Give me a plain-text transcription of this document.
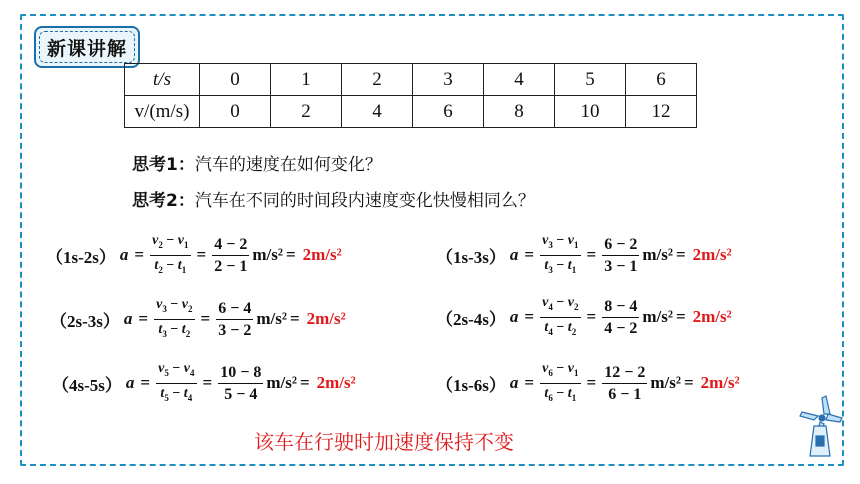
新课讲解
t/s	0	1	2	3	4	5	6
v/(m/s)	0	2	4	6	8	10	12
思考1：汽车的速度在如何变化？
思考2：汽车在不同的时间段内速度变化快慢相同么？
（1s-2s） $a = \frac{v_2 - v_1}{t_2 - t_1} = \frac{4 - 2}{2 - 1} m/s^2 = 2m/s^2$	（1s-3s） $a = \frac{v_3 - v_1}{t_3 - t_1} = \frac{6 - 2}{3 - 1} m/s^2 = 2m/s^2$
（2s-3s） $a = \frac{v_3 - v_2}{t_3 - t_2} = \frac{6 - 4}{3 - 2} m/s^2 = 2m/s^2$	（2s-4s） $a = \frac{v_4 - v_2}{t_4 - t_2} = \frac{8 - 4}{4 - 2} m/s^2 = 2m/s^2$
（4s-5s） $a = \frac{v_5 - v_4}{t_5 - t_4} = \frac{10 - 8}{5 - 4} m/s^2 = 2m/s^2$	（1s-6s） $a = \frac{v_6 - v_1}{t_6 - t_1} = \frac{12 - 2}{6 - 1} m/s^2 = 2m/s^2$
该车在行驶时加速度保持不变
